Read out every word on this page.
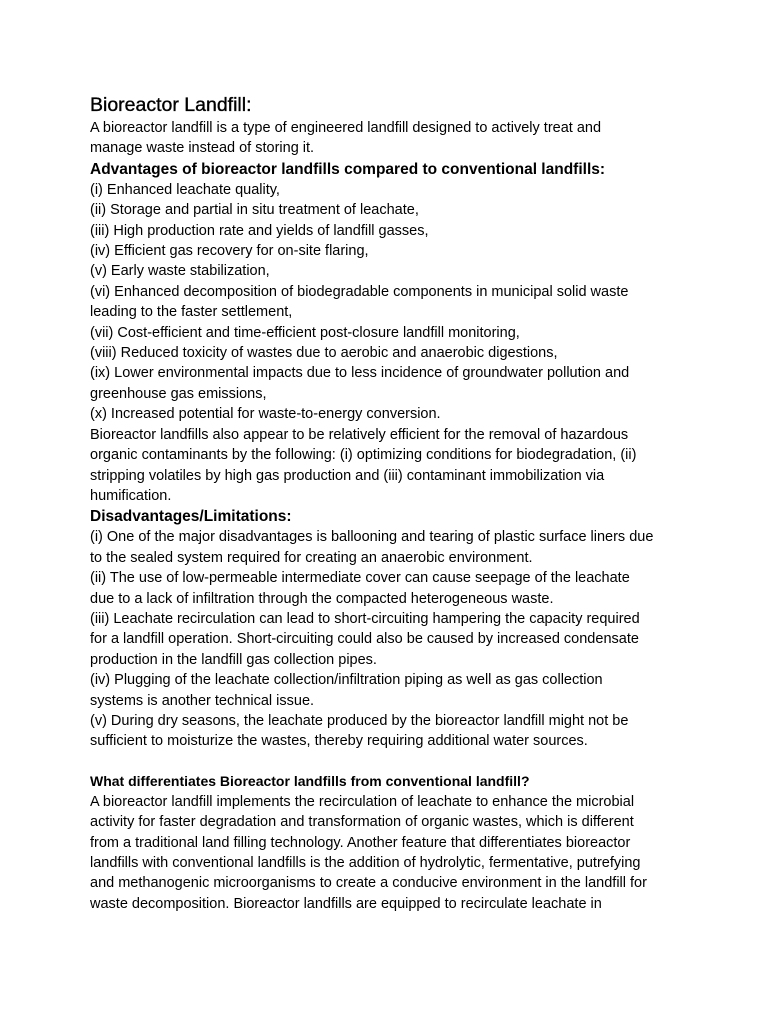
Bioreactor Landfill:
A bioreactor landfill is a type of engineered landfill designed to actively treat and
manage waste instead of storing it.
Advantages of bioreactor landfills compared to conventional landfills:
(i) Enhanced leachate quality,
(ii) Storage and partial in situ treatment of leachate,
(iii) High production rate and yields of landfill gasses,
(iv) Efficient gas recovery for on-site flaring,
(v) Early waste stabilization,
(vi) Enhanced decomposition of biodegradable components in municipal solid waste
leading to the faster settlement,
(vii) Cost-efficient and time-efficient post-closure landfill monitoring,
(viii) Reduced toxicity of wastes due to aerobic and anaerobic digestions,
(ix) Lower environmental impacts due to less incidence of groundwater pollution and
greenhouse gas emissions,
(x) Increased potential for waste-to-energy conversion.
Bioreactor landfills also appear to be relatively efficient for the removal of hazardous
organic contaminants by the following: (i) optimizing conditions for biodegradation, (ii)
stripping volatiles by high gas production and (iii) contaminant immobilization via
humification.
Disadvantages/Limitations:
(i) One of the major disadvantages is ballooning and tearing of plastic surface liners due
to the sealed system required for creating an anaerobic environment.
(ii) The use of low-permeable intermediate cover can cause seepage of the leachate
due to a lack of infiltration through the compacted heterogeneous waste.
(iii) Leachate recirculation can lead to short-circuiting hampering the capacity required
for a landfill operation. Short-circuiting could also be caused by increased condensate
production in the landfill gas collection pipes.
(iv) Plugging of the leachate collection/infiltration piping as well as gas collection
systems is another technical issue.
(v) During dry seasons, the leachate produced by the bioreactor landfill might not be
sufficient to moisturize the wastes, thereby requiring additional water sources.
What differentiates Bioreactor landfills from conventional landfill?
A bioreactor landfill implements the recirculation of leachate to enhance the microbial
activity for faster degradation and transformation of organic wastes, which is different
from a traditional land filling technology. Another feature that differentiates bioreactor
landfills with conventional landfills is the addition of hydrolytic, fermentative, putrefying
and methanogenic microorganisms to create a conducive environment in the landfill for
waste decomposition. Bioreactor landfills are equipped to recirculate leachate in
